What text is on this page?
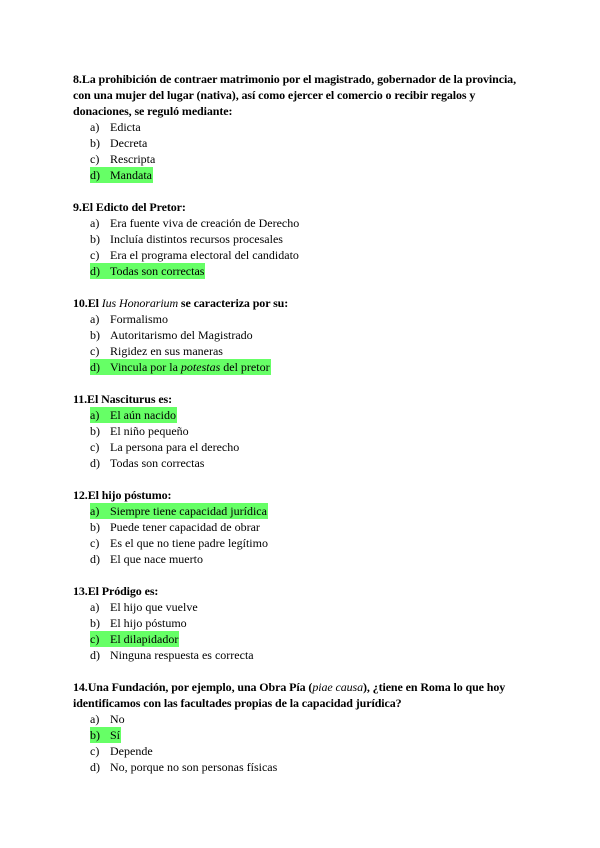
8.La prohibición de contraer matrimonio por el magistrado, gobernador de la provincia, con una mujer del lugar (nativa), así como ejercer el comercio o recibir regalos y donaciones, se reguló mediante:
a) Edicta
b) Decreta
c) Rescripta
d) Mandata
9.El Edicto del Pretor:
a) Era fuente viva de creación de Derecho
b) Incluía distintos recursos procesales
c) Era el programa electoral del candidato
d) Todas son correctas
10.El Ius Honorarium se caracteriza por su:
a) Formalismo
b) Autoritarismo del Magistrado
c) Rigidez en sus maneras
d) Vincula por la potestas del pretor
11.El Nasciturus es:
a) El aún nacido
b) El niño pequeño
c) La persona para el derecho
d) Todas son correctas
12.El hijo póstumo:
a) Siempre tiene capacidad jurídica
b) Puede tener capacidad de obrar
c) Es el que no tiene padre legítimo
d) El que nace muerto
13.El Pródigo es:
a) El hijo que vuelve
b) El hijo póstumo
c) El dilapidador
d) Ninguna respuesta es correcta
14.Una Fundación, por ejemplo, una Obra Pía (piae causa), ¿tiene en Roma lo que hoy identificamos con las facultades propias de la capacidad jurídica?
a) No
b) Sí
c) Depende
d) No, porque no son personas físicas
